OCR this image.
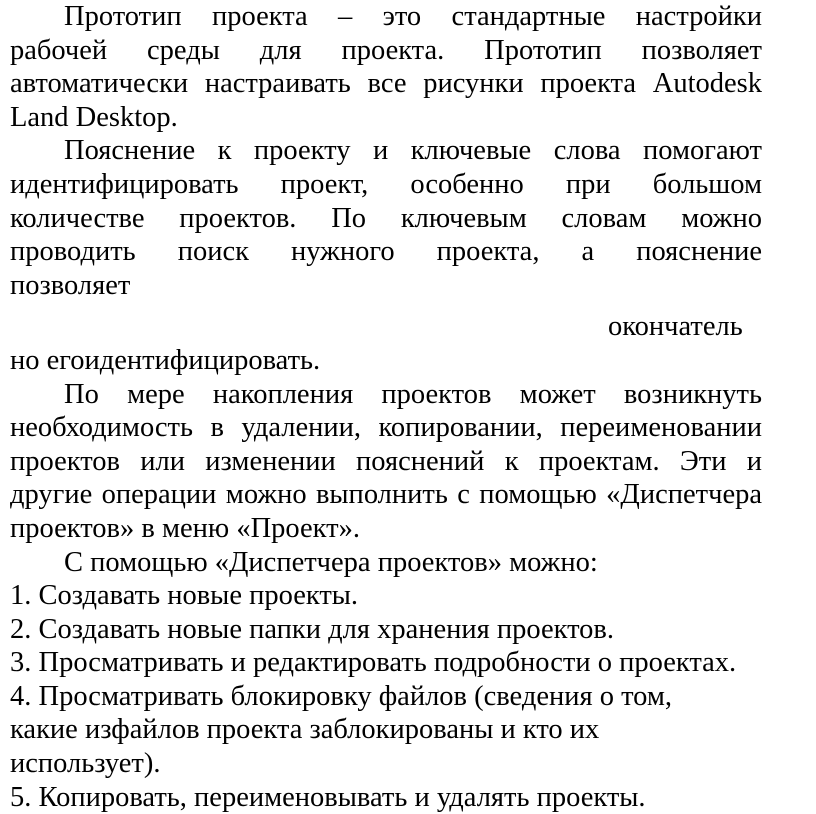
Прототип проекта – это стандартные настройки
рабочей среды для проекта. Прототип позволяет
автоматически настраивать все рисунки проекта Autodesk
Land Desktop.
Пояснение к проекту и ключевые слова помогают
идентифицировать проект, особенно при большом
количестве проектов. По ключевым словам можно
проводить поиск нужного проекта, а пояснение
позволяет
окончатель
но егоидентифицировать.
По мере накопления проектов может возникнуть
необходимость в удалении, копировании, переименовании
проектов или изменении пояснений к проектам. Эти и
другие операции можно выполнить с помощью «Диспетчера
проектов» в меню «Проект».
С помощью «Диспетчера проектов» можно:
1. Создавать новые проекты.
2. Создавать новые папки для хранения проектов.
3. Просматривать и редактировать подробности о проектах.
4. Просматривать блокировку файлов (сведения о том,
какие изфайлов проекта заблокированы и кто их
использует).
5. Копировать, переименовывать и удалять проекты.
